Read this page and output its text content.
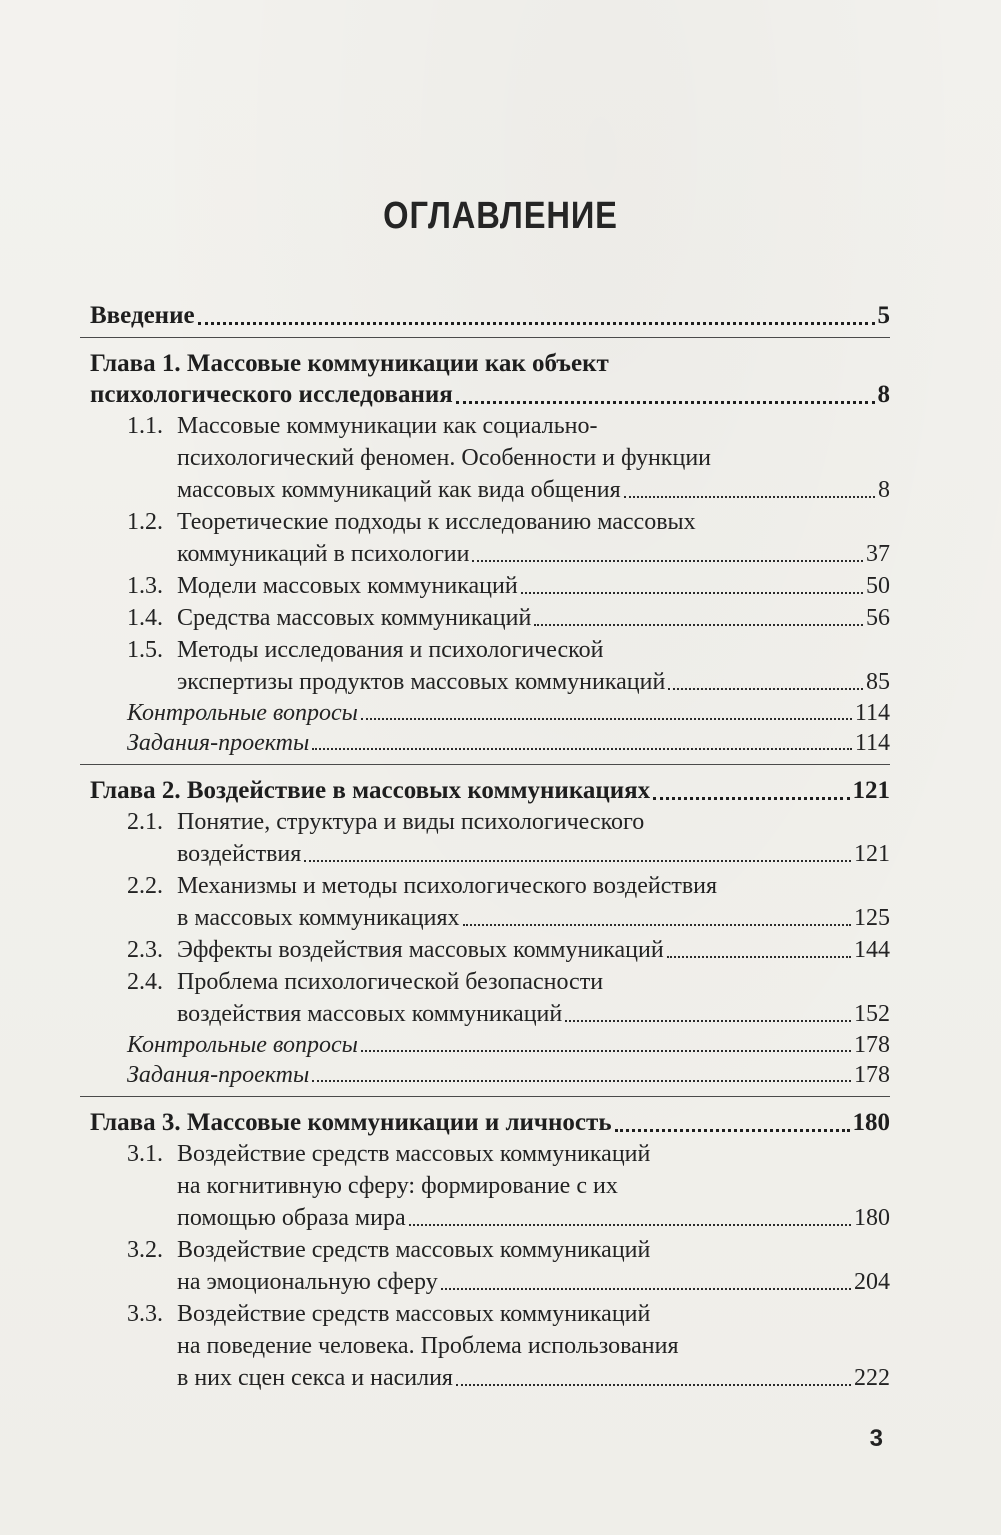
ОГЛАВЛЕНИЕ
Введение	5
Глава 1. Массовые коммуникации как объект
психологического исследования	8
1.1. Массовые коммуникации как социально-
психологический феномен. Особенности и функции
массовых коммуникаций как вида общения	8
1.2. Теоретические подходы к исследованию массовых
коммуникаций в психологии	37
1.3. Модели массовых коммуникаций	50
1.4. Средства массовых коммуникаций	56
1.5. Методы исследования и психологической
экспертизы продуктов массовых коммуникаций	85
Контрольные вопросы	114
Задания-проекты	114
Глава 2. Воздействие в массовых коммуникациях	121
2.1. Понятие, структура и виды психологического
воздействия	121
2.2. Механизмы и методы психологического воздействия
в массовых коммуникациях	125
2.3. Эффекты воздействия массовых коммуникаций	144
2.4. Проблема психологической безопасности
воздействия массовых коммуникаций	152
Контрольные вопросы	178
Задания-проекты	178
Глава 3. Массовые коммуникации и личность	180
3.1. Воздействие средств массовых коммуникаций
на когнитивную сферу: формирование с их
помощью образа мира	180
3.2. Воздействие средств массовых коммуникаций
на эмоциональную сферу	204
3.3. Воздействие средств массовых коммуникаций
на поведение человека. Проблема использования
в них сцен секса и насилия	222
3
